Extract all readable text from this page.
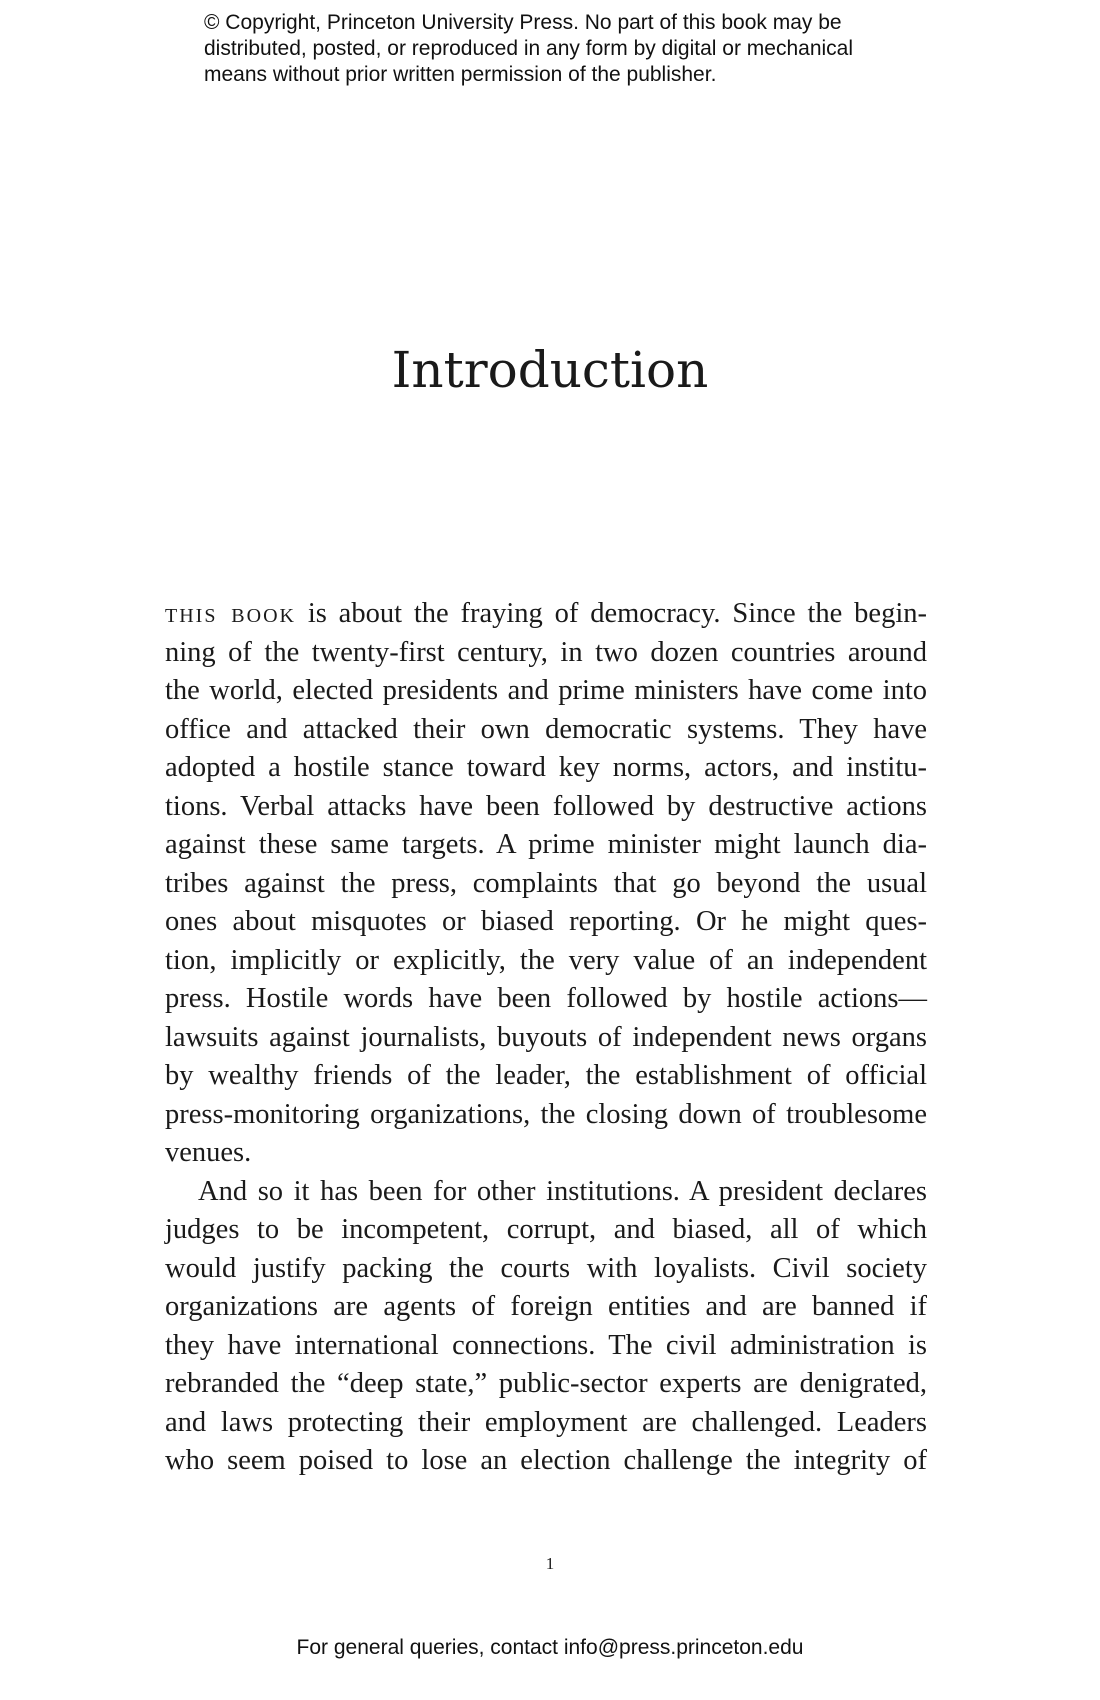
© Copyright, Princeton University Press. No part of this book may be
distributed, posted, or reproduced in any form by digital or mechanical
means without prior written permission of the publisher.
Introduction
this book is about the fraying of democracy. Since the begin-
ning of the twenty-first century, in two dozen countries around
the world, elected presidents and prime ministers have come into
office and attacked their own democratic systems. They have
adopted a hostile stance toward key norms, actors, and institu-
tions. Verbal attacks have been followed by destructive actions
against these same targets. A prime minister might launch dia-
tribes against the press, complaints that go beyond the usual
ones about misquotes or biased reporting. Or he might ques-
tion, implicitly or explicitly, the very value of an independent
press. Hostile words have been followed by hostile actions—
lawsuits against journalists, buyouts of independent news organs
by wealthy friends of the leader, the establishment of official
press-monitoring organizations, the closing down of troublesome
venues.
And so it has been for other institutions. A president declares
judges to be incompetent, corrupt, and biased, all of which
would justify packing the courts with loyalists. Civil society
organizations are agents of foreign entities and are banned if
they have international connections. The civil administration is
rebranded the “deep state,” public-sector experts are denigrated,
and laws protecting their employment are challenged. Leaders
who seem poised to lose an election challenge the integrity of
1
For general queries, contact info@press.princeton.edu
